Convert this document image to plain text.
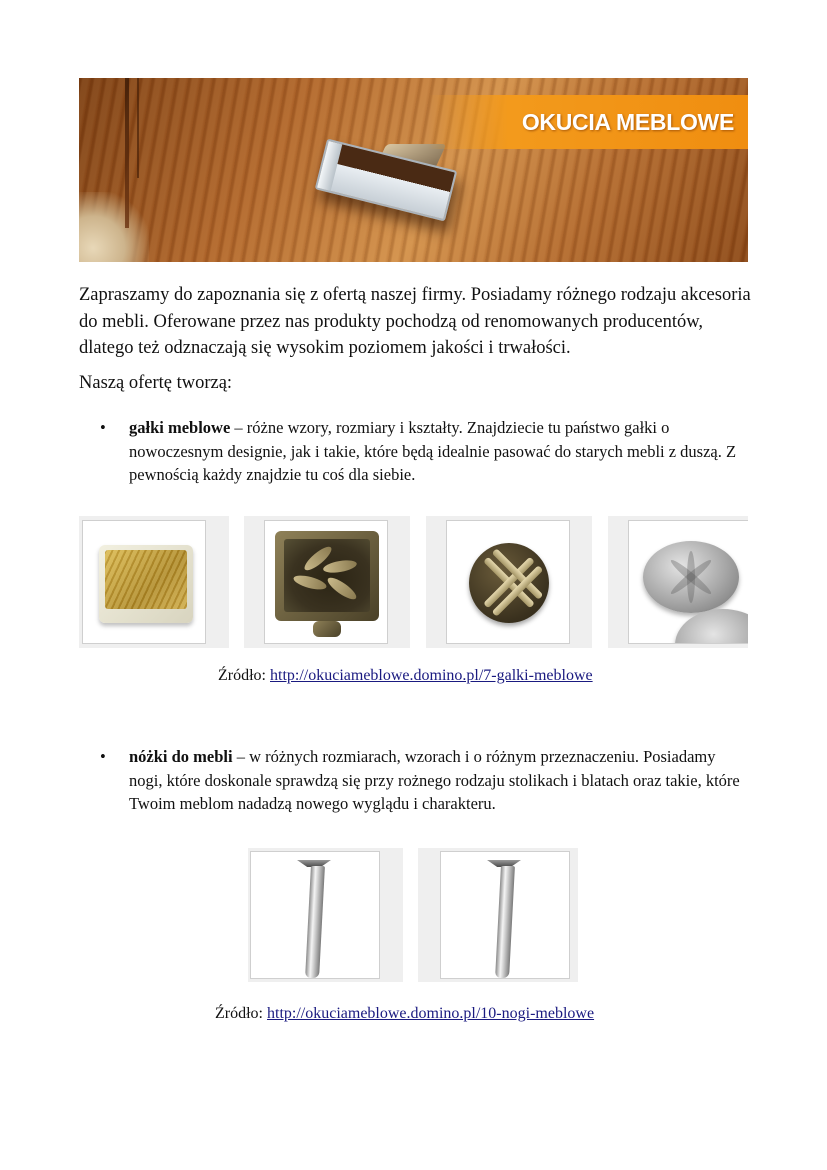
OKUCIA MEBLOWE

Zapraszamy do zapoznania się z ofertą naszej firmy. Posiadamy różnego rodzaju akcesoria do mebli. Oferowane przez nas produkty pochodzą od renomowanych producentów, dlatego też odznaczają się wysokim poziomem jakości i trwałości.

Naszą ofertę tworzą:

• gałki meblowe – różne wzory, rozmiary i kształty. Znajdziecie tu państwo gałki o nowoczesnym designie, jak i takie, które będą idealnie pasować do starych mebli z duszą. Z pewnością każdy znajdzie tu coś dla siebie.
Źródło: http://okuciameblowe.domino.pl/7-galki-meblowe
• nóżki do mebli – w różnych rozmiarach, wzorach i o różnym przeznaczeniu. Posiadamy nogi, które doskonale sprawdzą się przy rożnego rodzaju stolikach i blatach oraz takie, które Twoim meblom nadadzą nowego wyglądu i charakteru.
Źródło: http://okuciameblowe.domino.pl/10-nogi-meblowe
